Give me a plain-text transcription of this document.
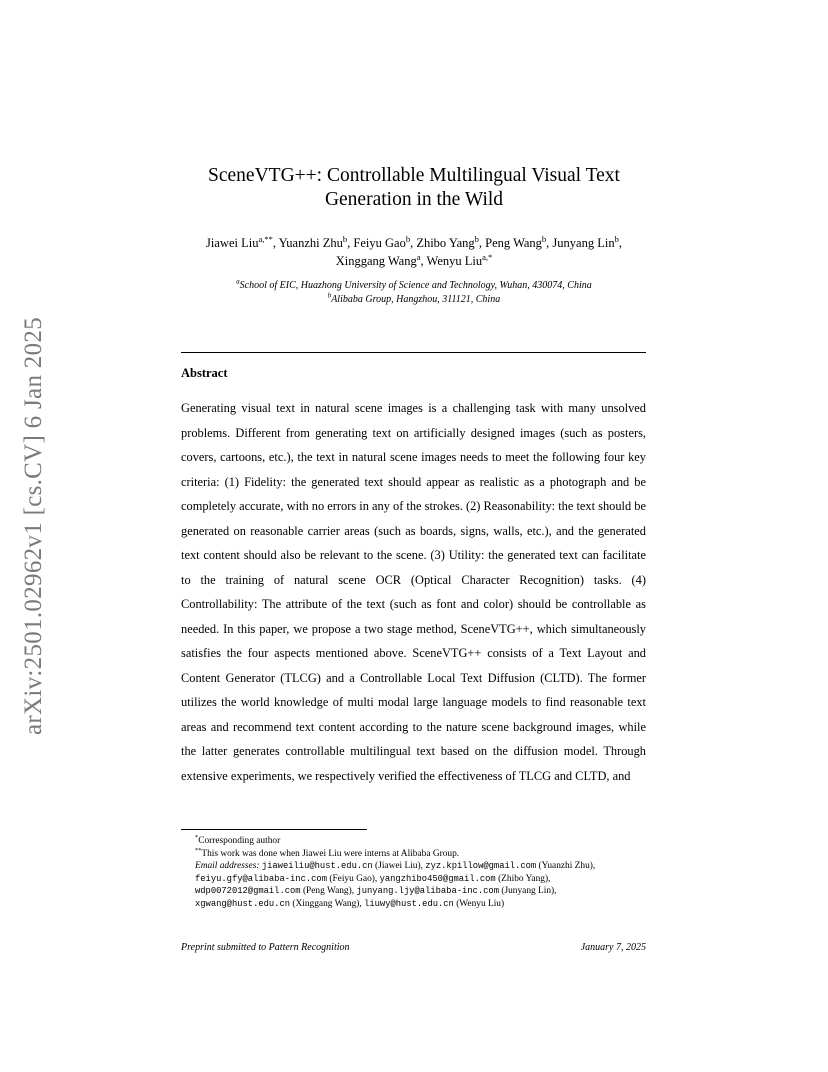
arXiv:2501.02962v1 [cs.CV] 6 Jan 2025
SceneVTG++: Controllable Multilingual Visual Text
Generation in the Wild
Jiawei Liu$^{a,**}$, Yuanzhi Zhu$^b$, Feiyu Gao$^b$, Zhibo Yang$^b$, Peng Wang$^b$, Junyang Lin$^b$,
Xinggang Wang$^a$, Wenyu Liu$^{a,*}$
$^a$School of EIC, Huazhong University of Science and Technology, Wuhan, 430074, China
$^b$Alibaba Group, Hangzhou, 311121, China
Abstract

Generating visual text in natural scene images is a challenging task with many unsolved problems. Different from generating text on artificially designed images (such as posters, covers, cartoons, etc.), the text in natural scene images needs to meet the following four key criteria: (1) Fidelity: the generated text should appear as realistic as a photograph and be completely accurate, with no errors in any of the strokes. (2) Reasonability: the text should be generated on reasonable carrier areas (such as boards, signs, walls, etc.), and the generated text content should also be relevant to the scene. (3) Utility: the generated text can facilitate to the training of natural scene OCR (Optical Character Recognition) tasks. (4) Controllability: The attribute of the text (such as font and color) should be controllable as needed. In this paper, we propose a two stage method, SceneVTG++, which simultaneously satisfies the four aspects mentioned above. SceneVTG++ consists of a Text Layout and Content Generator (TLCG) and a Controllable Local Text Diffusion (CLTD). The former utilizes the world knowledge of multi modal large language models to find reasonable text areas and recommend text content according to the nature scene background images, while the latter generates controllable multilingual text based on the diffusion model. Through extensive experiments, we respectively verified the effectiveness of TLCG and CLTD, and

*Corresponding author

**This work was done when Jiawei Liu were interns at Alibaba Group.

Email addresses: jiaweiliu@hust.edu.cn (Jiawei Liu), zyz.kpillow@gmail.com (Yuanzhi Zhu), feiyu.gfy@alibaba-inc.com (Feiyu Gao), yangzhibo450@gmail.com (Zhibo Yang), wdp0072012@gmail.com (Peng Wang), junyang.ljy@alibaba-inc.com (Junyang Lin), xgwang@hust.edu.cn (Xinggang Wang), liuwy@hust.edu.cn (Wenyu Liu)

Preprint submitted to Pattern Recognition	January 7, 2025
